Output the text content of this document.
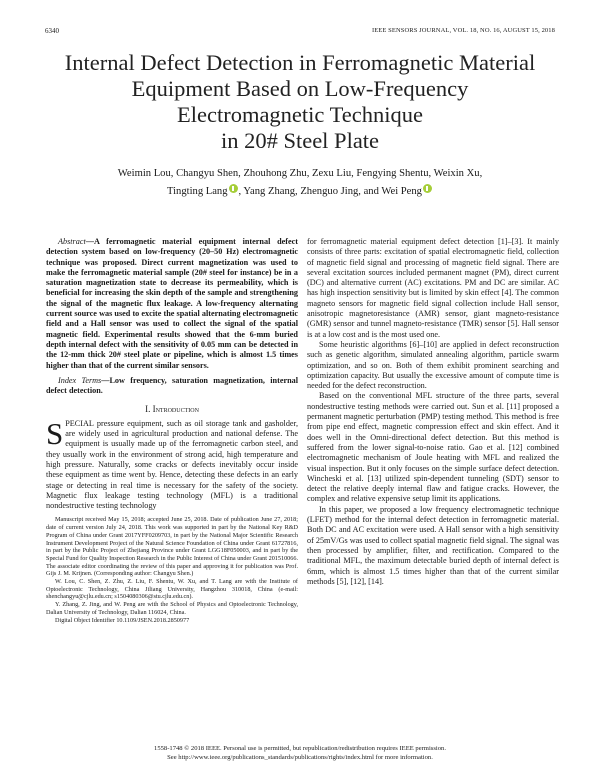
6340	IEEE SENSORS JOURNAL, VOL. 18, NO. 16, AUGUST 15, 2018
Internal Defect Detection in Ferromagnetic Material
Equipment Based on Low-Frequency
Electromagnetic Technique
in 20# Steel Plate
Weimin Lou, Changyu Shen, Zhouhong Zhu, Zexu Liu, Fengying Shentu, Weixin Xu,
Tingting Lang , Yang Zhang, Zhenguo Jing, and Wei Peng

Abstract—A ferromagnetic material equipment internal defect detection system based on low-frequency (20–50 Hz) electromagnetic technique was proposed. Direct current magnetization was used to make the ferromagnetic material sample (20# steel for instance) be in a saturation magnetization state to decrease its permeability, which is beneficial for increasing the skin depth of the sample and strengthening the signal of the magnetic flux leakage. A low-frequency alternating current source was used to excite the spatial alternating electromagnetic field and a Hall sensor was used to collect the signal of the spatial magnetic field. Experimental results showed that the 6-mm buried depth internal defect with the sensitivity of 0.05 mm can be detected in the 12-mm thick 20# steel plate or pipeline, which is almost 1.5 times higher than that of the current similar sensors.

Index Terms—Low frequency, saturation magnetization, internal defect detection.

I. Introduction

SPECIAL pressure equipment, such as oil storage tank and gasholder, are widely used in agricultural production and national defense. The equipment is usually made up of the ferromagnetic carbon steel, and they usually work in the environment of strong acid, high temperature and high pressure. Naturally, some cracks or defects inevitably occur inside these equipment as time went by. Hence, detecting these defects in an early stage or detecting in real time is necessary for the safety of the society. Magnetic flux leakage testing technology (MFL) is a traditional nondestructive testing technology

Manuscript received May 15, 2018; accepted June 25, 2018. Date of publication June 27, 2018; date of current version July 24, 2018. This work was supported in part by the National Key R&D Program of China under Grant 2017YFF0209703, in part by the National Major Scientific Research Instrument Development Project of the Natural Science Foundation of China under Grant 61727816, in part by the Public Project of Zhejiang Province under Grant LGG18F050003, and in part by the Special Fund for Quality Inspection Research in the Public Interest of China under Grant 201510066. The associate editor coordinating the review of this paper and approving it for publication was Prof. Gijs J. M. Krijnen. (Corresponding author: Changyu Shen.)

W. Lou, C. Shen, Z. Zhu, Z. Liu, F. Shentu, W. Xu, and T. Lang are with the Institute of Optoelectronic Technology, China Jiliang University, Hangzhou 310018, China (e-mail: shenchangyu@cjlu.edu.cn; s1504080306@stu.cjlu.edu.cn).

Y. Zhang, Z. Jing, and W. Peng are with the School of Physics and Optoelectronic Technology, Dalian University of Technology, Dalian 116024, China.

Digital Object Identifier 10.1109/JSEN.2018.2850977

for ferromagnetic material equipment defect detection [1]–[3]. It mainly consists of three parts: excitation of spatial electromagnetic field, collection of magnetic field signal and processing of magnetic field signal. There are several excitation sources included permanent magnet (PM), direct current (DC) and alternative current (AC) excitations. PM and DC are similar. AC has high inspection sensitivity but is limited by skin effect [4]. The common magneto sensors for magnetic field signal collection include Hall sensor, anisotropic magnetoresistance (AMR) sensor, giant magneto-resistance (GMR) sensor and tunnel magneto-resistance (TMR) sensor [5]. Hall sensor is at a low cost and is the most used one.

Some heuristic algorithms [6]–[10] are applied in defect reconstruction such as genetic algorithm, simulated annealing algorithm, particle swarm optimization, and so on. Both of them exhibit prominent searching and optimization capacity. But usually the excessive amount of compute time is needed for the defect reconstruction.

Based on the conventional MFL structure of the three parts, several nondestructive testing methods were carried out. Sun et al. [11] proposed a permanent magnetic perturbation (PMP) testing method. This method is free from pipe end effect, magnetic compression effect and skin effect. And it does well in the Omni-directional defect detection. But this method is suffered from the lower signal-to-noise ratio. Gao et al. [12] combined electromagnetic mechanism of Joule heating with MFL and realized the visual inspection. But it only focuses on the simple surface defect detection. Wincheski et al. [13] utilized spin-dependent tunneling (SDT) sensor to detect the relative deeply internal flaw and fatigue cracks. However, the complex and relative expensive setup limit its applications.

In this paper, we proposed a low frequency electromagnetic technique (LFET) method for the internal defect detection in ferromagnetic material. Both DC and AC excitation were used. A Hall sensor with a high sensitivity of 25mV/Gs was used to collect spatial magnetic field signal. The signal was then processed by amplifier, filter, and rectification. Compared to the traditional MFL, the maximum detectable buried depth of internal defect is 6mm, which is almost 1.5 times higher than that of the current similar methods [5], [12], [14].

1558-1748 © 2018 IEEE. Personal use is permitted, but republication/redistribution requires IEEE permission.
See http://www.ieee.org/publications_standards/publications/rights/index.html for more information.
